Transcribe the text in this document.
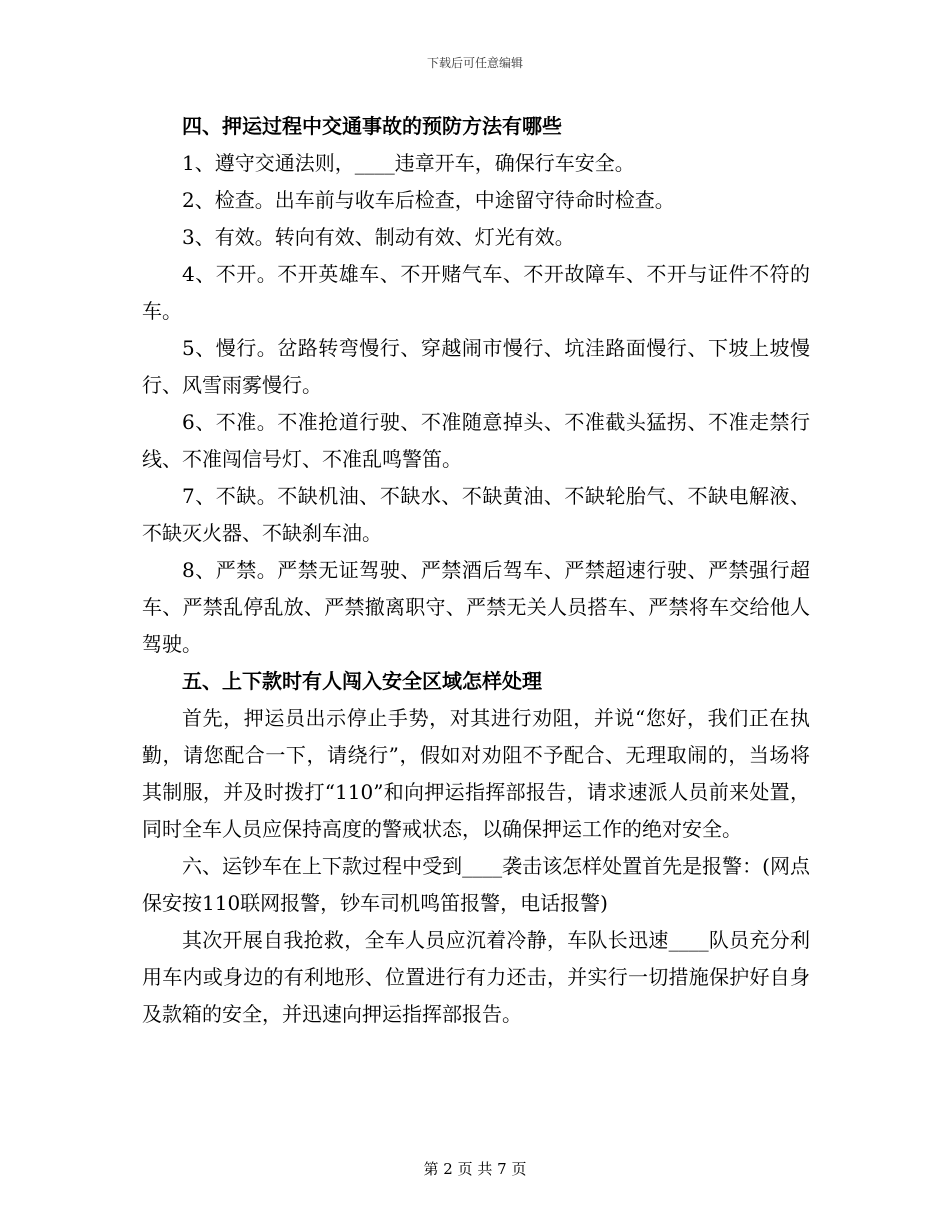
下载后可任意编辑

四、押运过程中交通事故的预防方法有哪些

1、遵守交通法则，____违章开车，确保行车安全。

2、检查。出车前与收车后检查，中途留守待命时检查。

3、有效。转向有效、制动有效、灯光有效。

4、不开。不开英雄车、不开赌气车、不开故障车、不开与证件不符的车。

5、慢行。岔路转弯慢行、穿越闹市慢行、坑洼路面慢行、下坡上坡慢行、风雪雨雾慢行。

6、不准。不准抢道行驶、不准随意掉头、不准截头猛拐、不准走禁行线、不准闯信号灯、不准乱鸣警笛。

7、不缺。不缺机油、不缺水、不缺黄油、不缺轮胎气、不缺电解液、不缺灭火器、不缺刹车油。

8、严禁。严禁无证驾驶、严禁酒后驾车、严禁超速行驶、严禁强行超车、严禁乱停乱放、严禁撤离职守、严禁无关人员搭车、严禁将车交给他人驾驶。

五、上下款时有人闯入安全区域怎样处理

首先，押运员出示停止手势，对其进行劝阻，并说“您好，我们正在执勤，请您配合一下，请绕行”，假如对劝阻不予配合、无理取闹的，当场将其制服，并及时拨打“110”和向押运指挥部报告，请求速派人员前来处置，同时全车人员应保持高度的警戒状态，以确保押运工作的绝对安全。

六、运钞车在上下款过程中受到____袭击该怎样处置首先是报警：(网点保安按110联网报警，钞车司机鸣笛报警，电话报警)

其次开展自我抢救，全车人员应沉着冷静，车队长迅速____队员充分利用车内或身边的有利地形、位置进行有力还击，并实行一切措施保护好自身及款箱的安全，并迅速向押运指挥部报告。

第 2 页 共 7 页
